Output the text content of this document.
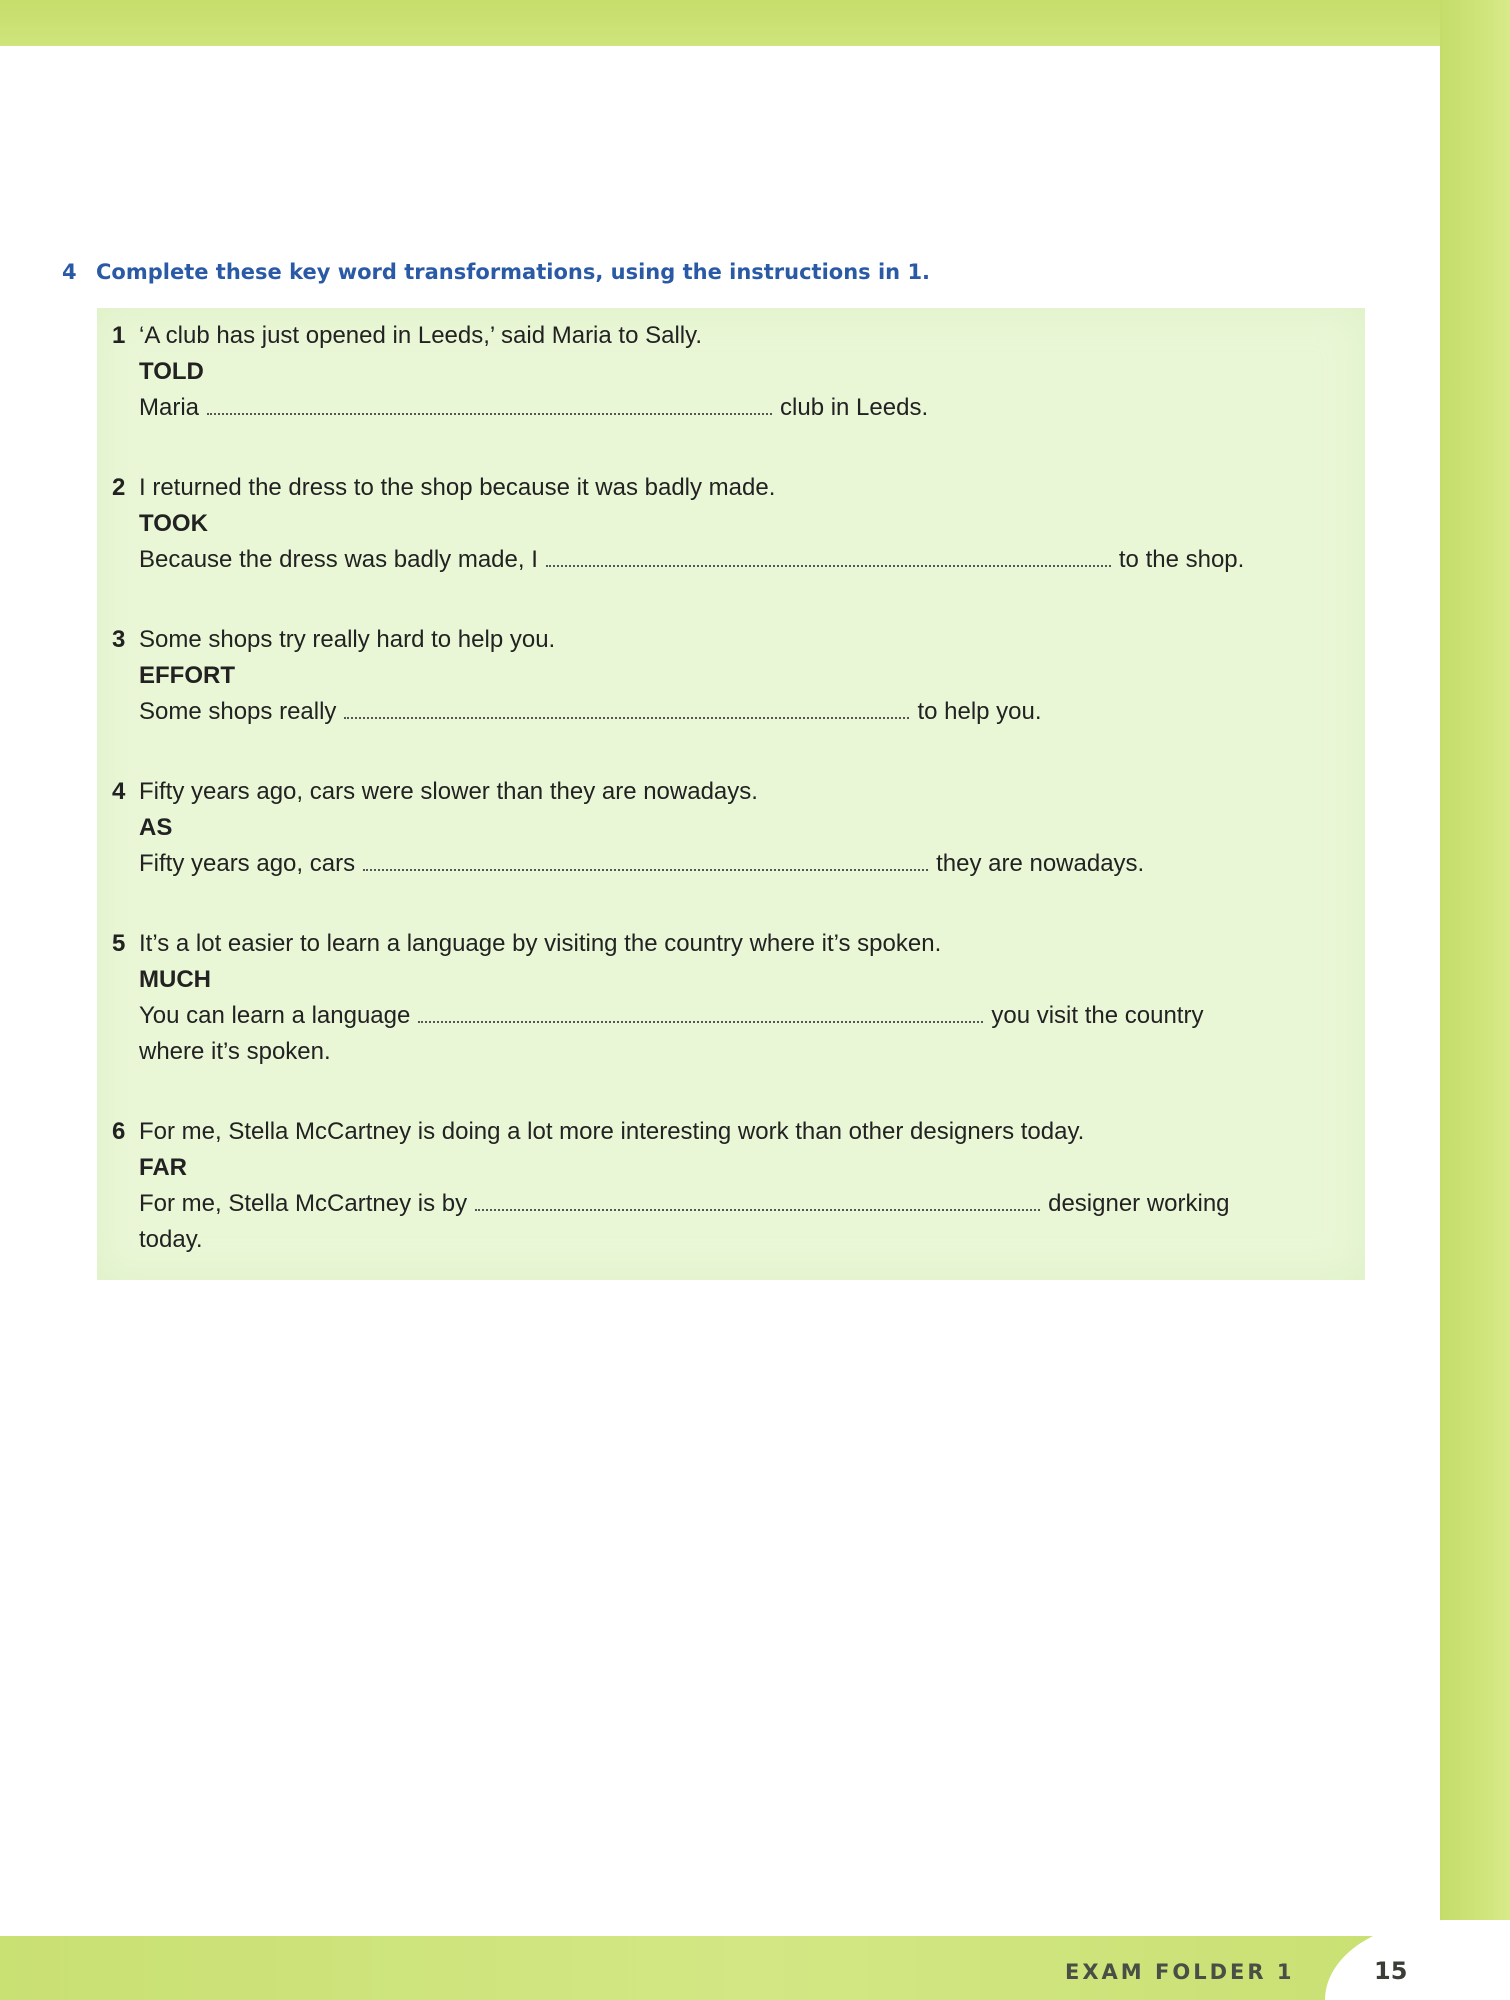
4 Complete these key word transformations, using the instructions in 1.
1 ‘A club has just opened in Leeds,’ said Maria to Sally.
TOLD
Maria	club in Leeds.
2 I returned the dress to the shop because it was badly made.
TOOK
Because the dress was badly made, I	to the shop.
3 Some shops try really hard to help you.
EFFORT
Some shops really	to help you.
4 Fifty years ago, cars were slower than they are nowadays.
AS
Fifty years ago, cars	they are nowadays.
5 It’s a lot easier to learn a language by visiting the country where it’s spoken.
MUCH
You can learn a language	you visit the country
where it’s spoken.
6 For me, Stella McCartney is doing a lot more interesting work than other designers today.
FAR
For me, Stella McCartney is by	designer working
today.
EXAM FOLDER 1	15
